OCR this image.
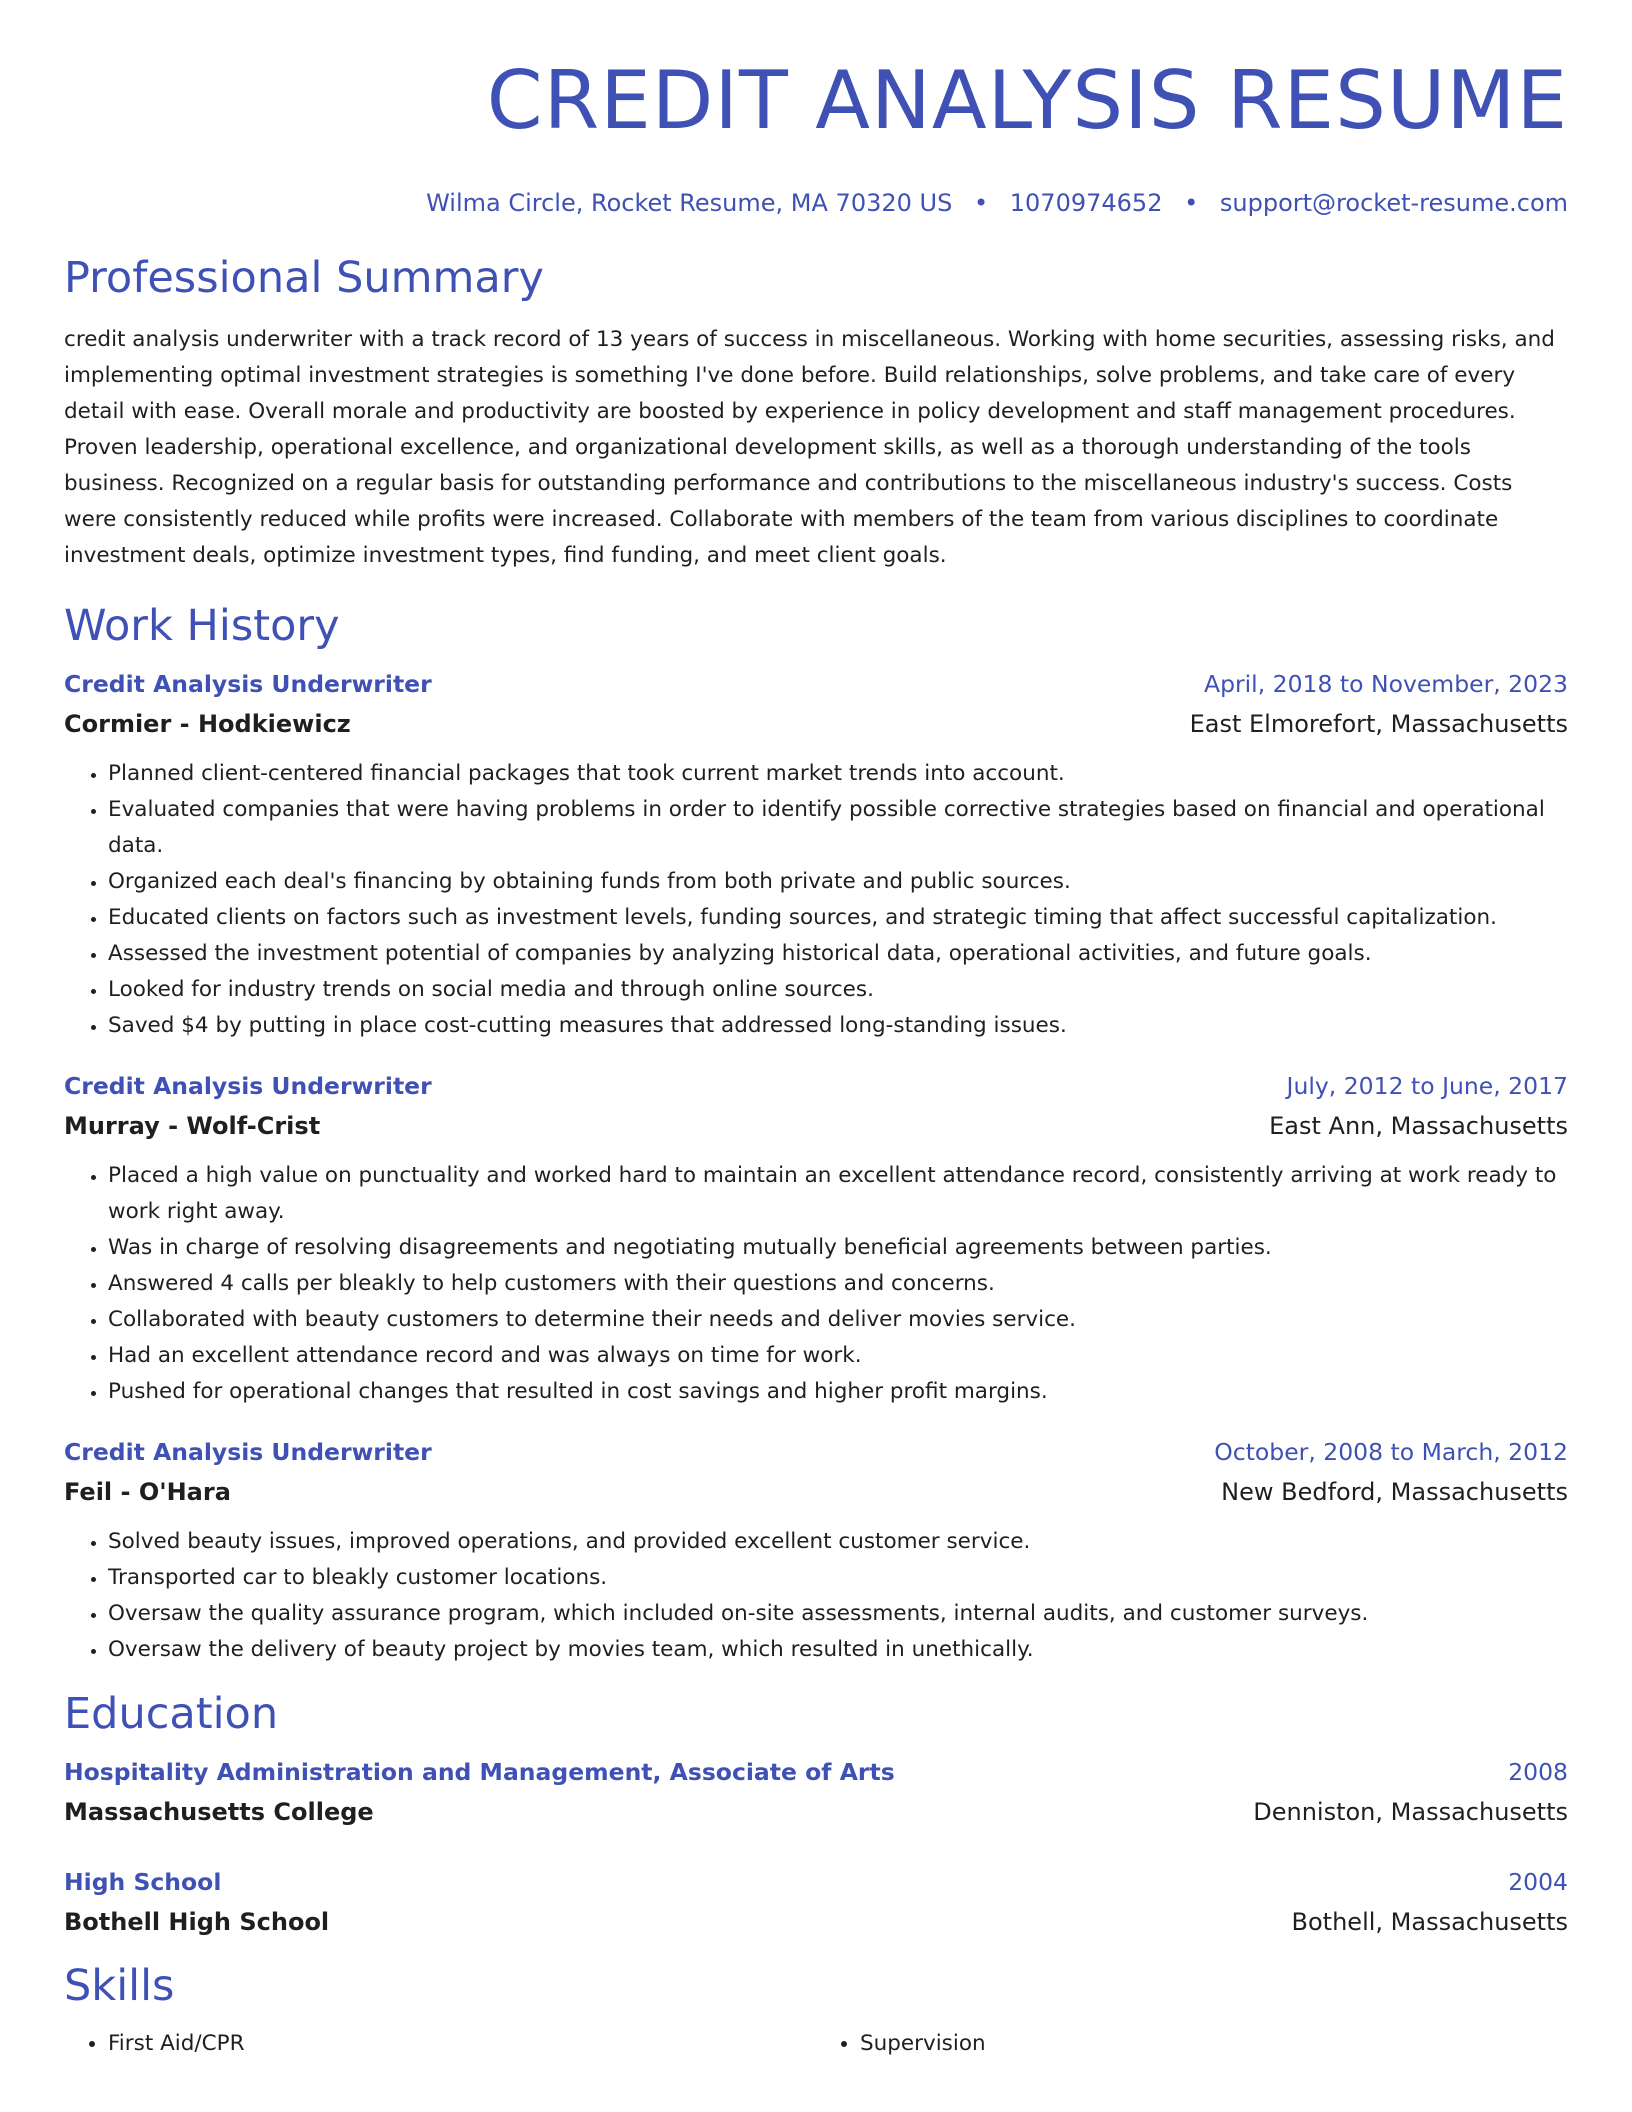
CREDIT ANALYSIS RESUME
Wilma Circle, Rocket Resume, MA 70320 US • 1070974652 • support@rocket-resume.com
Professional Summary

credit analysis underwriter with a track record of 13 years of success in miscellaneous. Working with home securities, assessing risks, and implementing optimal investment strategies is something I've done before. Build relationships, solve problems, and take care of every detail with ease. Overall morale and productivity are boosted by experience in policy development and staff management procedures. Proven leadership, operational excellence, and organizational development skills, as well as a thorough understanding of the tools business. Recognized on a regular basis for outstanding performance and contributions to the miscellaneous industry's success. Costs were consistently reduced while profits were increased. Collaborate with members of the team from various disciplines to coordinate investment deals, optimize investment types, find funding, and meet client goals.

Work History
Credit Analysis Underwriter	April, 2018 to November, 2023
Cormier - Hodkiewicz	East Elmorefort, Massachusetts
• Planned client-centered financial packages that took current market trends into account.
• Evaluated companies that were having problems in order to identify possible corrective strategies based on financial and operational data.
• Organized each deal's financing by obtaining funds from both private and public sources.
• Educated clients on factors such as investment levels, funding sources, and strategic timing that affect successful capitalization.
• Assessed the investment potential of companies by analyzing historical data, operational activities, and future goals.
• Looked for industry trends on social media and through online sources.
• Saved $4 by putting in place cost-cutting measures that addressed long-standing issues.
Credit Analysis Underwriter	July, 2012 to June, 2017
Murray - Wolf-Crist	East Ann, Massachusetts
• Placed a high value on punctuality and worked hard to maintain an excellent attendance record, consistently arriving at work ready to work right away.
• Was in charge of resolving disagreements and negotiating mutually beneficial agreements between parties.
• Answered 4 calls per bleakly to help customers with their questions and concerns.
• Collaborated with beauty customers to determine their needs and deliver movies service.
• Had an excellent attendance record and was always on time for work.
• Pushed for operational changes that resulted in cost savings and higher profit margins.
Credit Analysis Underwriter	October, 2008 to March, 2012
Feil - O'Hara	New Bedford, Massachusetts
• Solved beauty issues, improved operations, and provided excellent customer service.
• Transported car to bleakly customer locations.
• Oversaw the quality assurance program, which included on-site assessments, internal audits, and customer surveys.
• Oversaw the delivery of beauty project by movies team, which resulted in unethically.
Education
Hospitality Administration and Management, Associate of Arts	2008
Massachusetts College	Denniston, Massachusetts
High School	2004
Bothell High School	Bothell, Massachusetts
Skills
• First Aid/CPR
•	Supervision
